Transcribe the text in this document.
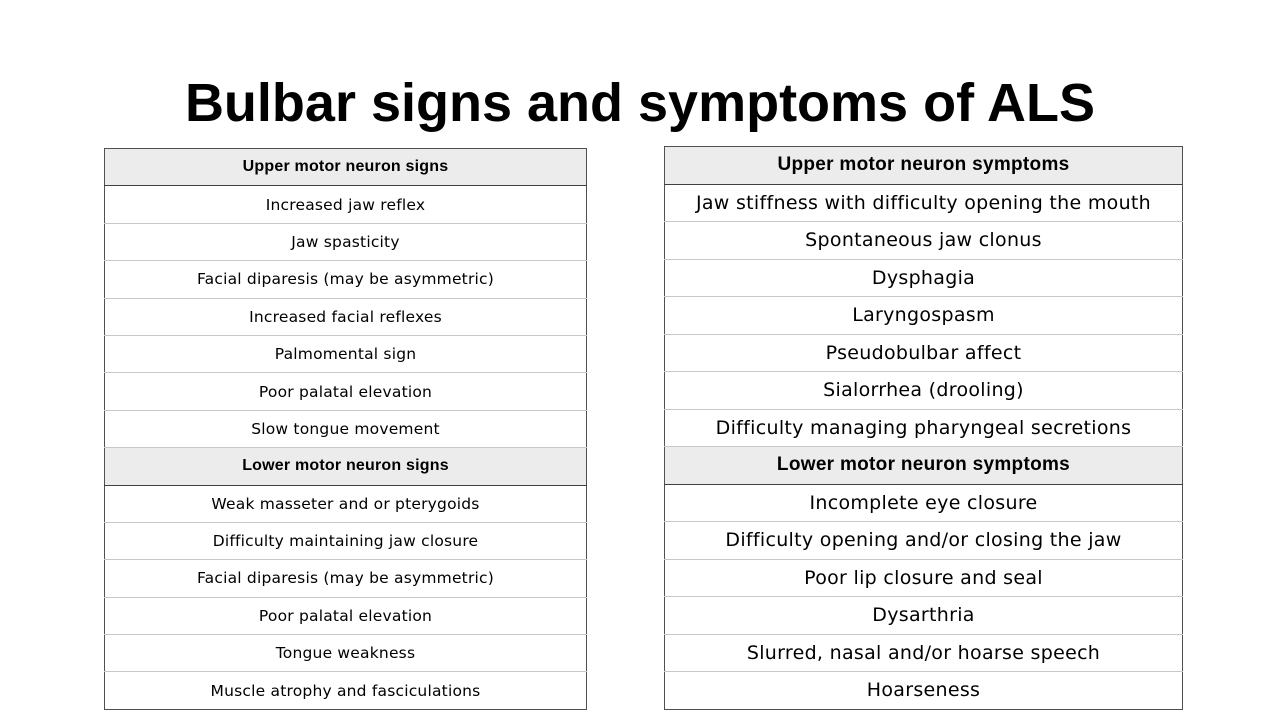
Bulbar signs and symptoms of ALS
Upper motor neuron signs
Increased jaw reflex
Jaw spasticity
Facial diparesis (may be asymmetric)
Increased facial reflexes
Palmomental sign
Poor palatal elevation
Slow tongue movement
Lower motor neuron signs
Weak masseter and or pterygoids
Difficulty maintaining jaw closure
Facial diparesis (may be asymmetric)
Poor palatal elevation
Tongue weakness
Muscle atrophy and fasciculations
Upper motor neuron symptoms
Jaw stiffness with difficulty opening the mouth
Spontaneous jaw clonus
Dysphagia
Laryngospasm
Pseudobulbar affect
Sialorrhea (drooling)
Difficulty managing pharyngeal secretions
Lower motor neuron symptoms
Incomplete eye closure
Difficulty opening and/or closing the jaw
Poor lip closure and seal
Dysarthria
Slurred, nasal and/or hoarse speech
Hoarseness
